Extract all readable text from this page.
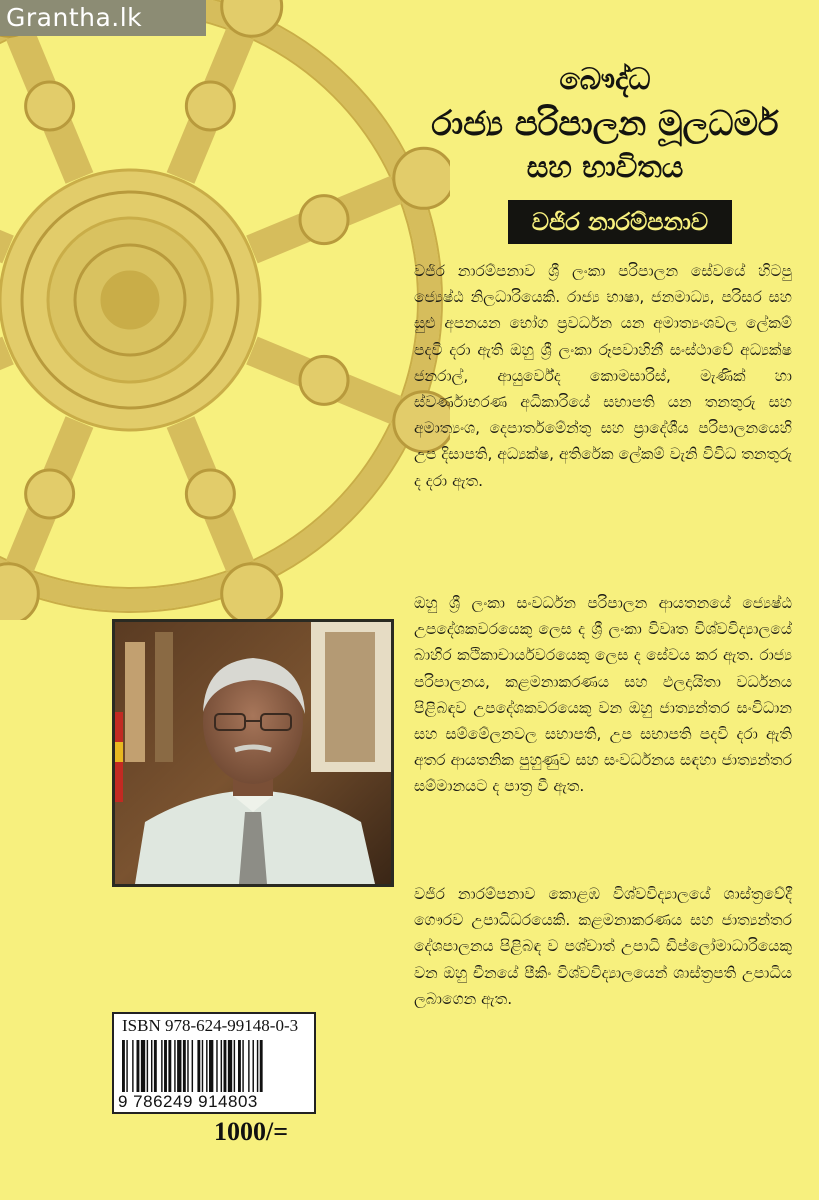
Grantha.lk
බෞද්ධ
රාජ්‍ය පරිපාලන මූලධර්ම
සහ භාවිතය
වජිර නාරම්පනාව
වජිර නාරම්පනාව ශ්‍රී ලංකා පරිපාලන සේවයේ හිටපු ජ්‍යෙෂ්ඨ නිලධාරියෙකි. රාජ්‍ය භාෂා, ජනමාධ්‍ය, පරිසර සහ සුළු අපනයන භෝග ප්‍රවර්ධන යන අමාත්‍යංශවල ලේකම් පදවි දරා ඇති ඔහු ශ්‍රී ලංකා රූපවාහිනී සංස්ථාවේ අධ්‍යක්ෂ ජනරාල්, ආයුර්වේද කොමසාරිස්, මැණික් හා ස්වර්ණාභරණ අධිකාරියේ සභාපති යන තනතුරු සහ අමාත්‍යංශ, දෙපාර්තමේන්තු සහ ප්‍රාදේශීය පරිපාලනයෙහි උප දිසාපති, අධ්‍යක්ෂ, අතිරේක ලේකම් වැනි විවිධ තනතුරු ද දරා ඇත.
ඔහු ශ්‍රී ලංකා සංවර්ධන පරිපාලන ආයතනයේ ජ්‍යෙෂ්ඨ උපදේශකවරයෙකු ලෙස ද ශ්‍රී ලංකා විවෘත විශ්වවිද්‍යාලයේ බාහිර කථිකාචාර්යවරයෙකු ලෙස ද සේවය කර ඇත. රාජ්‍ය පරිපාලනය, කළමනාකරණය සහ ඵලදායිතා වර්ධනය පිළිබඳව උපදේශකවරයෙකු වන ඔහු ජාත්‍යන්තර සංවිධාන සහ සම්මේලනවල සභාපති, උප සභාපති පදවි දරා ඇති අතර ආයතනික පුහුණුව සහ සංවර්ධනය සඳහා ජාත්‍යන්තර සම්මානයට ද පාත්‍ර වී ඇත.
වජිර නාරම්පනාව කොළඹ විශ්වවිද්‍යාලයේ ශාස්ත්‍රවේදී ගෞරව උපාධිධරයෙකි. කළමනාකරණය සහ ජාත්‍යන්තර දේශපාලනය පිළිබඳ ව පශ්චාත් උපාධි ඩිප්ලෝමාධාරියෙකු වන ඔහු චීනයේ පීකිං විශ්වවිද්‍යාලයෙන් ශාස්ත්‍රපති උපාධිය ලබාගෙන ඇත.
ISBN 978-624-99148-0-3
9 786249 914803
1000/=
